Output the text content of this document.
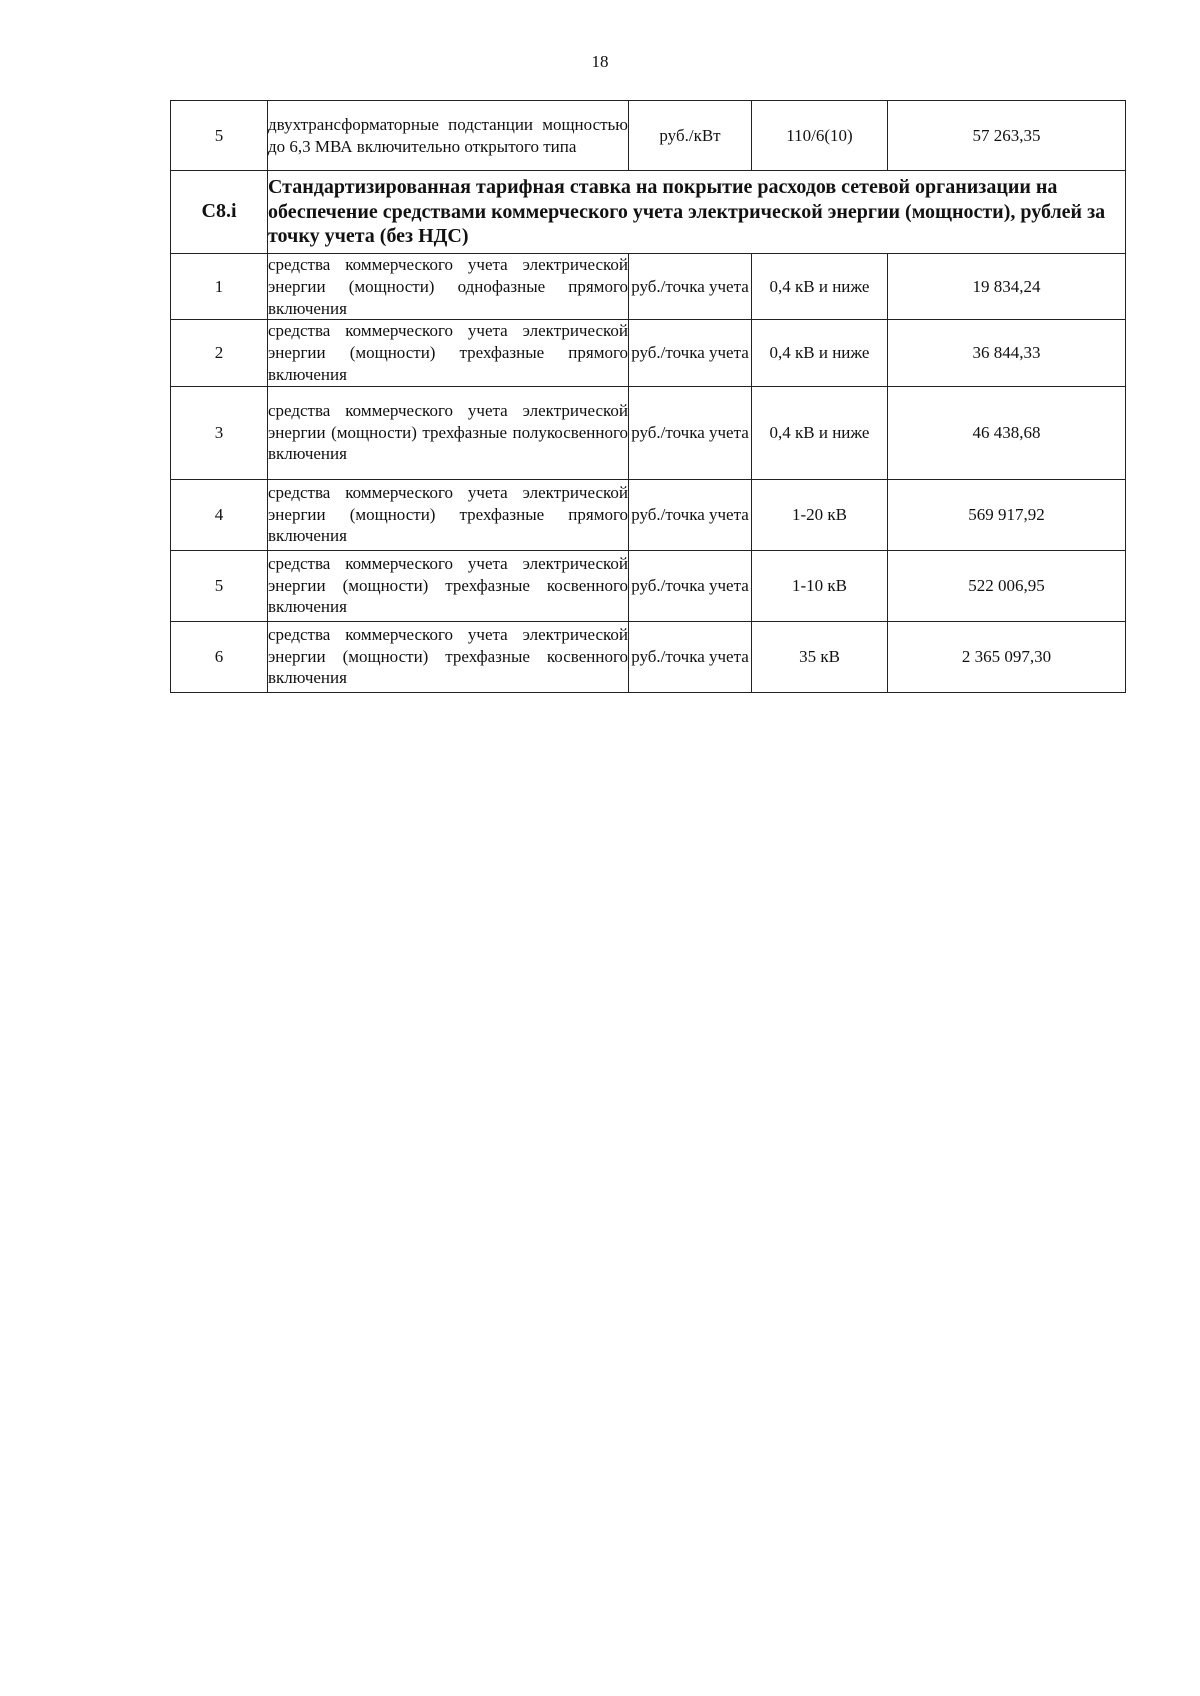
18
5	двухтрансформаторные подстанции мощностью до 6,3 МВА включительно открытого типа	руб./кВт	110/6(10)	57 263,35
С8.i	Стандартизированная тарифная ставка на покрытие расходов сетевой организации на обеспечение средствами коммерческого учета электрической энергии (мощности), рублей за точку учета (без НДС)			
1	средства коммерческого учета электрической энергии (мощности) однофазные прямого включения	руб./точка учета	0,4 кВ и ниже	19 834,24
2	средства коммерческого учета электрической энергии (мощности) трехфазные прямого включения	руб./точка учета	0,4 кВ и ниже	36 844,33
3	средства коммерческого учета электрической энергии (мощности) трехфазные полукосвенного включения	руб./точка учета	0,4 кВ и ниже	46 438,68
4	средства коммерческого учета электрической энергии (мощности) трехфазные прямого включения	руб./точка учета	1-20 кВ	569 917,92
5	средства коммерческого учета электрической энергии (мощности) трехфазные косвенного включения	руб./точка учета	1-10 кВ	522 006,95
6	средства коммерческого учета электрической энергии (мощности) трехфазные косвенного включения	руб./точка учета	35 кВ	2 365 097,30
